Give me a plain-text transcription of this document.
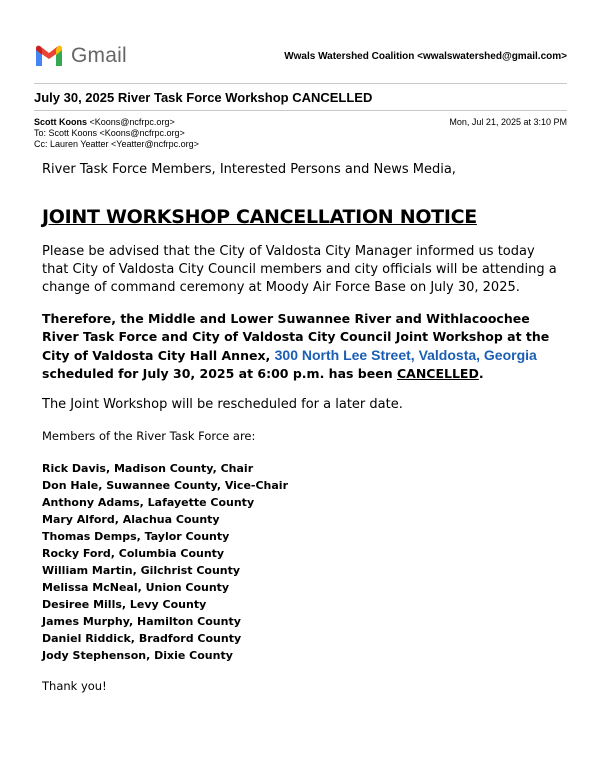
Gmail	Wwals Watershed Coalition <wwalswatershed@gmail.com>
July 30, 2025 River Task Force Workshop CANCELLED
Scott Koons <Koons@ncfrpc.org>
To: Scott Koons <Koons@ncfrpc.org>
Cc: Lauren Yeatter <Yeatter@ncfrpc.org>
Mon, Jul 21, 2025 at 3:10 PM

River Task Force Members, Interested Persons and News Media,

JOINT WORKSHOP CANCELLATION NOTICE

Please be advised that the City of Valdosta City Manager informed us today that City of Valdosta City Council members and city officials will be attending a change of command ceremony at Moody Air Force Base on July 30, 2025.

Therefore, the Middle and Lower Suwannee River and Withlacoochee River Task Force and City of Valdosta City Council Joint Workshop at the City of Valdosta City Hall Annex, 300 North Lee Street, Valdosta, Georgia scheduled for July 30, 2025 at 6:00 p.m. has been CANCELLED.

The Joint Workshop will be rescheduled for a later date.

Members of the River Task Force are:

Rick Davis, Madison County, Chair
Don Hale, Suwannee County, Vice-Chair
Anthony Adams, Lafayette County
Mary Alford, Alachua County
Thomas Demps, Taylor County
Rocky Ford, Columbia County
William Martin, Gilchrist County
Melissa McNeal, Union County
Desiree Mills, Levy County
James Murphy, Hamilton County
Daniel Riddick, Bradford County
Jody Stephenson, Dixie County

Thank you!
